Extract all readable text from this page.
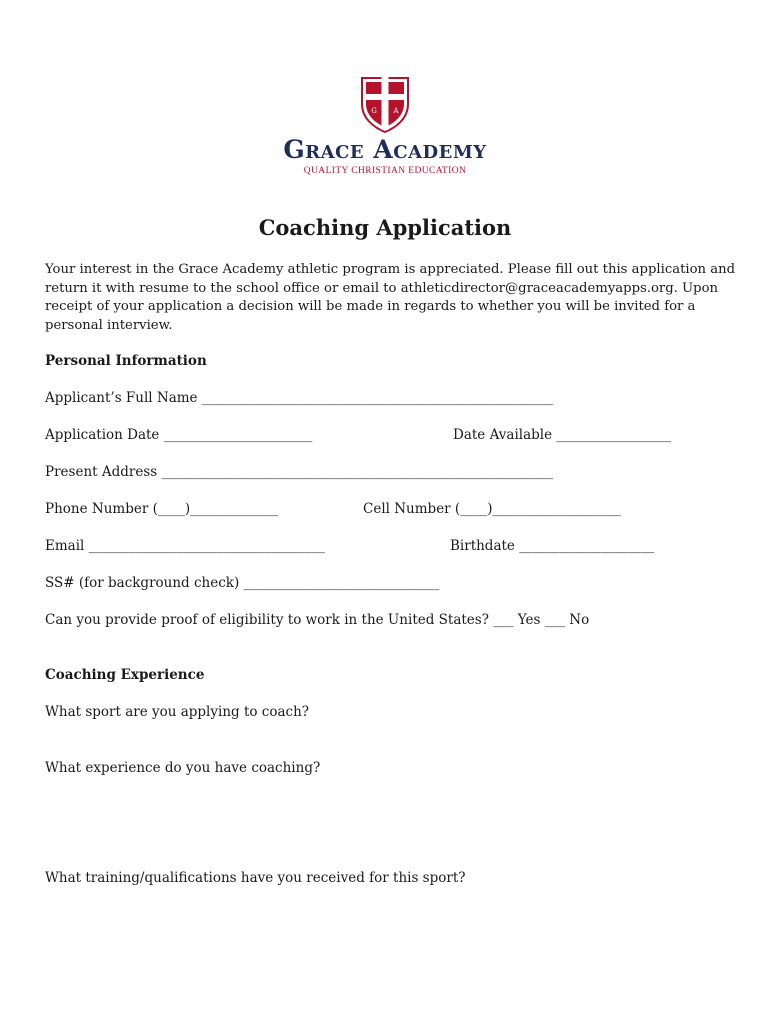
G A
Grace Academy
QUALITY CHRISTIAN EDUCATION
Coaching Application
Your interest in the Grace Academy athletic program is appreciated. Please fill out this application and return it with resume to the school office or email to athleticdirector@graceacademyapps.org. Upon receipt of your application a decision will be made in regards to whether you will be invited for a personal interview.
Personal Information
Applicant’s Full Name ____________________________________________________
Application Date ______________________	Date Available _________________
Present Address __________________________________________________________
Phone Number (____)_____________	Cell Number (____)___________________
Email ___________________________________	Birthdate ____________________
SS# (for background check) _____________________________
Can you provide proof of eligibility to work in the United States? ___ Yes ___ No
Coaching Experience
What sport are you applying to coach?
What experience do you have coaching?
What training/qualifications have you received for this sport?
